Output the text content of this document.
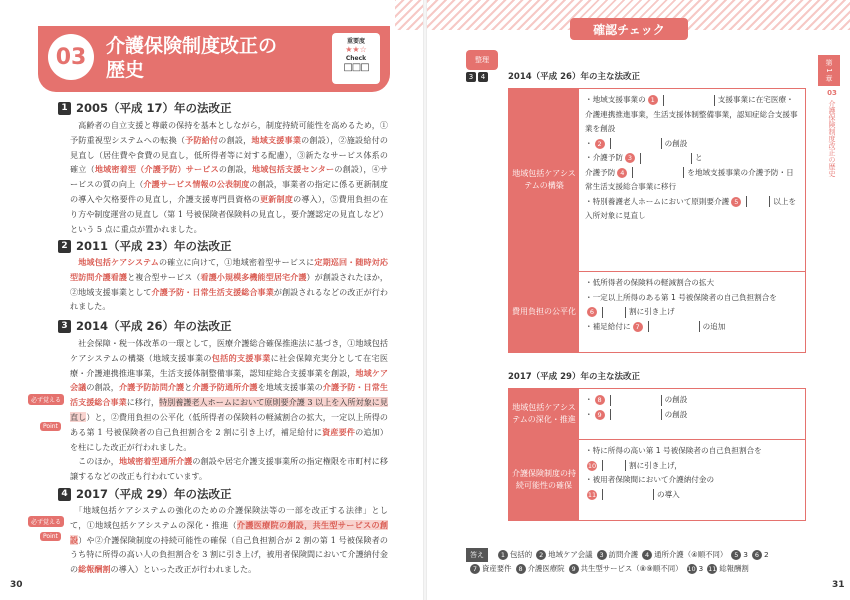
03	介護保険制度改正の
歴史
重要度
★★☆
Check
□□□
1 2005（平成 17）年の法改正
　高齢者の自立支援と尊厳の保持を基本としながら，制度持続可能性を高めるため，①予防重視型システムへの転換（予防給付の創設，地域支援事業の創設），②施設給付の見直し（居住費や食費の見直し，低所得者等に対する配慮），③新たなサービス体系の確立（地域密着型（介護予防）サービスの創設，地域包括支援センターの創設），④サービスの質の向上（介護サービス情報の公表制度の創設，事業者の指定に係る更新制度の導入や欠格要件の見直し，介護支援専門員資格の更新制度の導入），⑤費用負担の在り方や制度運営の見直し（第 1 号被保険者保険料の見直し，要介護認定の見直しなど）という 5 点に重点が置かれました。
2 2011（平成 23）年の法改正
　地域包括ケアシステムの確立に向けて，①地域密着型サービスに定期巡回・随時対応型訪問介護看護と複合型サービス（看護小規模多機能型居宅介護）が創設されたほか，②地域支援事業として介護予防・日常生活支援総合事業が創設されるなどの改正が行われました。
3 2014（平成 26）年の法改正
必ず覚える
Point
　社会保障・税一体改革の一環として，医療介護総合確保推進法に基づき，①地域包括ケアシステムの構築（地域支援事業の包括的支援事業に社会保障充実分として在宅医療・介護連携推進事業，生活支援体制整備事業，認知症総合支援事業を創設，地域ケア会議の創設，介護予防訪問介護と介護予防通所介護を地域支援事業の介護予防・日常生活支援総合事業に移行，特別養護老人ホームにおいて原則要介護 3 以上を入所対象に見直し）と，②費用負担の公平化（低所得者の保険料の軽減割合の拡大，一定以上所得のある第 1 号被保険者の自己負担割合を 2 割に引き上げ，補足給付に資産要件の追加）を柱にした改正が行われました。
　このほか，地域密着型通所介護の創設や居宅介護支援事業所の指定権限を市町村に移譲するなどの改正も行われています。
4 2017（平成 29）年の法改正
必ず覚える
Point
　「地域包括ケアシステムの強化のための介護保険法等の一部を改正する法律」として，①地域包括ケアシステムの深化・推進（介護医療院の創設，共生型サービスの創設）や②介護保険制度の持続可能性の確保（自己負担割合が 2 割の第 1 号被保険者のうち特に所得の高い人の負担割合を 3 割に引き上げ，被用者保険間において介護納付金の総報酬割の導入）といった改正が行われました。
30
確認チェック
整理
3 4	2014（平成 26）年の主な法改正
地域包括ケアシステムの構築
・地域支援事業の 1	支援事業に在宅医療・介護連携推進事業，生活支援体制整備事業，認知症総合支援事業を創設
・ 2	の創設
・介護予防 3	と
介護予防 4	を地域支援事業の介護予防・日常生活支援総合事業に移行
・特別養護老人ホームにおいて原則要介護 5	以上を入所対象に見直し
費用負担の公平化
・低所得者の保険料の軽減割合の拡大
・一定以上所得のある第 1 号被保険者の自己負担割合を
6	割に引き上げ
・補足給付に 7	の追加
2017（平成 29）年の主な法改正
地域包括ケアシステムの深化・推進
・ 8	の創設
・ 9	の創設
介護保険制度の持続可能性の確保
・特に所得の高い第 1 号被保険者の自己負担割合を
10	割に引き上げ，
・被用者保険間において介護納付金の
11	の導入
答え	1 包括的 2 地域ケア会議 3 訪問介護 4 通所介護（④順不同） 5 3 6 2
7 資産要件 8 介護医療院 9 共生型サービス（⑧⑨順不同） 10 3 11 総報酬割
第 1 章
03
介護保険制度改正の歴史
31
